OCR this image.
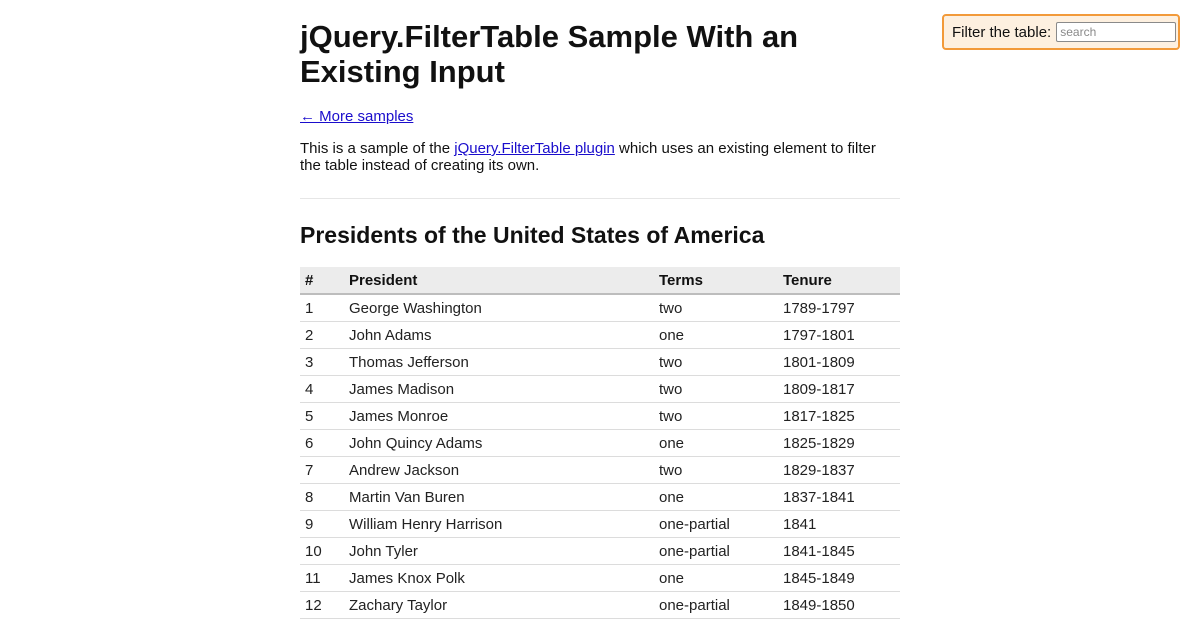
jQuery.FilterTable Sample With an Existing Input
← More samples

This is a sample of the jQuery.FilterTable plugin which uses an existing element to filter the table instead of creating its own.

Presidents of the United States of America
#	President	Terms	Tenure
1	George Washington	two	1789-1797
2	John Adams	one	1797-1801
3	Thomas Jefferson	two	1801-1809
4	James Madison	two	1809-1817
5	James Monroe	two	1817-1825
6	John Quincy Adams	one	1825-1829
7	Andrew Jackson	two	1829-1837
8	Martin Van Buren	one	1837-1841
9	William Henry Harrison	one-partial	1841
10	John Tyler	one-partial	1841-1845
11	James Knox Polk	one	1845-1849
12	Zachary Taylor	one-partial	1849-1850
Filter the table:
search
